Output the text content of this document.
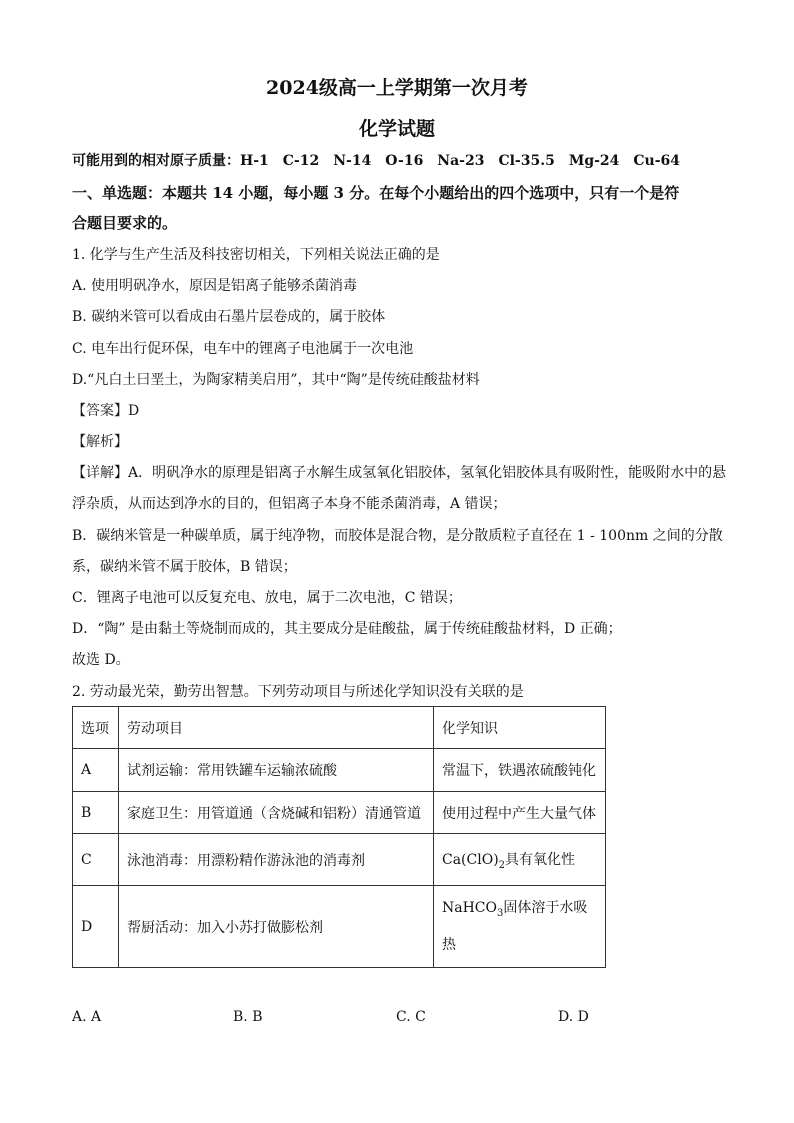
2024级高一上学期第一次月考
化学试题
可能用到的相对原子质量：H-1　C-12　N-14　O-16　Na-23　Cl-35.5　Mg-24　Cu-64
一、单选题：本题共 14 小题，每小题 3 分。在每个小题给出的四个选项中，只有一个是符
合题目要求的。
1. 化学与生产生活及科技密切相关，下列相关说法正确的是
A. 使用明矾净水，原因是铝离子能够杀菌消毒
B. 碳纳米管可以看成由石墨片层卷成的，属于胶体
C. 电车出行促环保，电车中的锂离子电池属于一次电池
D.“凡白土曰垩土，为陶家精美启用”，其中“陶”是传统硅酸盐材料
【答案】D
【解析】
【详解】A．明矾净水的原理是铝离子水解生成氢氧化铝胶体，氢氧化铝胶体具有吸附性，能吸附水中的悬
浮杂质，从而达到净水的目的，但铝离子本身不能杀菌消毒，A 错误；
B．碳纳米管是一种碳单质，属于纯净物，而胶体是混合物，是分散质粒子直径在 1 - 100nm 之间的分散
系，碳纳米管不属于胶体，B 错误；
C．锂离子电池可以反复充电、放电，属于二次电池，C 错误；
D．“陶” 是由黏土等烧制而成的，其主要成分是硅酸盐，属于传统硅酸盐材料，D 正确；
故选 D。
2. 劳动最光荣，勤劳出智慧。下列劳动项目与所述化学知识没有关联的是
选项	劳动项目	化学知识
A	试剂运输：常用铁罐车运输浓硫酸	常温下，铁遇浓硫酸钝化
B	家庭卫生：用管道通（含烧碱和铝粉）清通管道	使用过程中产生大量气体
C	泳池消毒：用漂粉精作游泳池的消毒剂	$Ca(ClO)_2$具有氧化性
D	帮厨活动：加入小苏打做膨松剂	NaHCO$_3$固体溶于水吸
热
A. A	B. B	C. C	D. D
